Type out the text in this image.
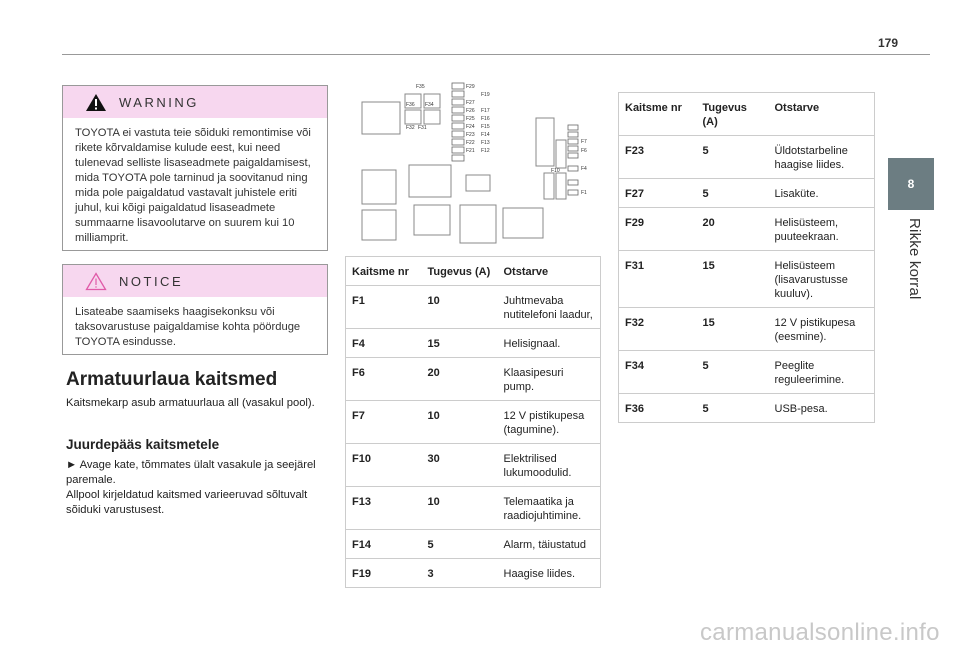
179
8
Rikke korral
WARNING
TOYOTA ei vastuta teie sõiduki remontimise või rikete kõrvaldamise kulude eest, kui need tulenevad selliste lisaseadmete paigaldamisest, mida TOYOTA pole tarninud ja soovitanud ning mida pole paigaldatud vastavalt juhistele eriti juhul, kui kõigi paigaldatud lisaseadmete summaarne lisavoolutarve on suurem kui 10 milliamprit.
NOTICE
Lisateabe saamiseks haagisekonksu või taksovarustuse paigaldamise kohta pöörduge TOYOTA esindusse.
Armatuurlaua kaitsmed
Kaitsmekarp asub armatuurlaua all (vasakul pool).
Juurdepääs kaitsmetele
► Avage kate, tõmmates ülalt vasakule ja seejärel paremale.
Allpool kirjeldatud kaitsmed varieeruvad sõltuvalt sõiduki varustusest.
F35
F36 F34
F32 F31
F29
F19
F27
F26 F17
F25 F16
F24 F15
F23 F14
F22 F13
F21 F12
F7
F6
F4
F10
F1
Kaitsme nr	Tugevus (A)	Otstarve
F1	10	Juhtmevaba nutitelefoni laadur,
F4	15	Helisignaal.
F6	20	Klaasipesuri pump.
F7	10	12 V pistikupesa (tagumine).
F10	30	Elektrilised lukumoodulid.
F13	10	Telemaatika ja raadiojuhtimine.
F14	5	Alarm, täiustatud
F19	3	Haagise liides.
Kaitsme nr	Tugevus (A)	Otstarve
F23	5	Üldotstarbeline haagise liides.
F27	5	Lisaküte.
F29	20	Helisüsteem, puuteekraan.
F31	15	Helisüsteem (lisavarustusse kuuluv).
F32	15	12 V pistikupesa (eesmine).
F34	5	Peeglite reguleerimine.
F36	5	USB-pesa.
carmanualsonline.info
